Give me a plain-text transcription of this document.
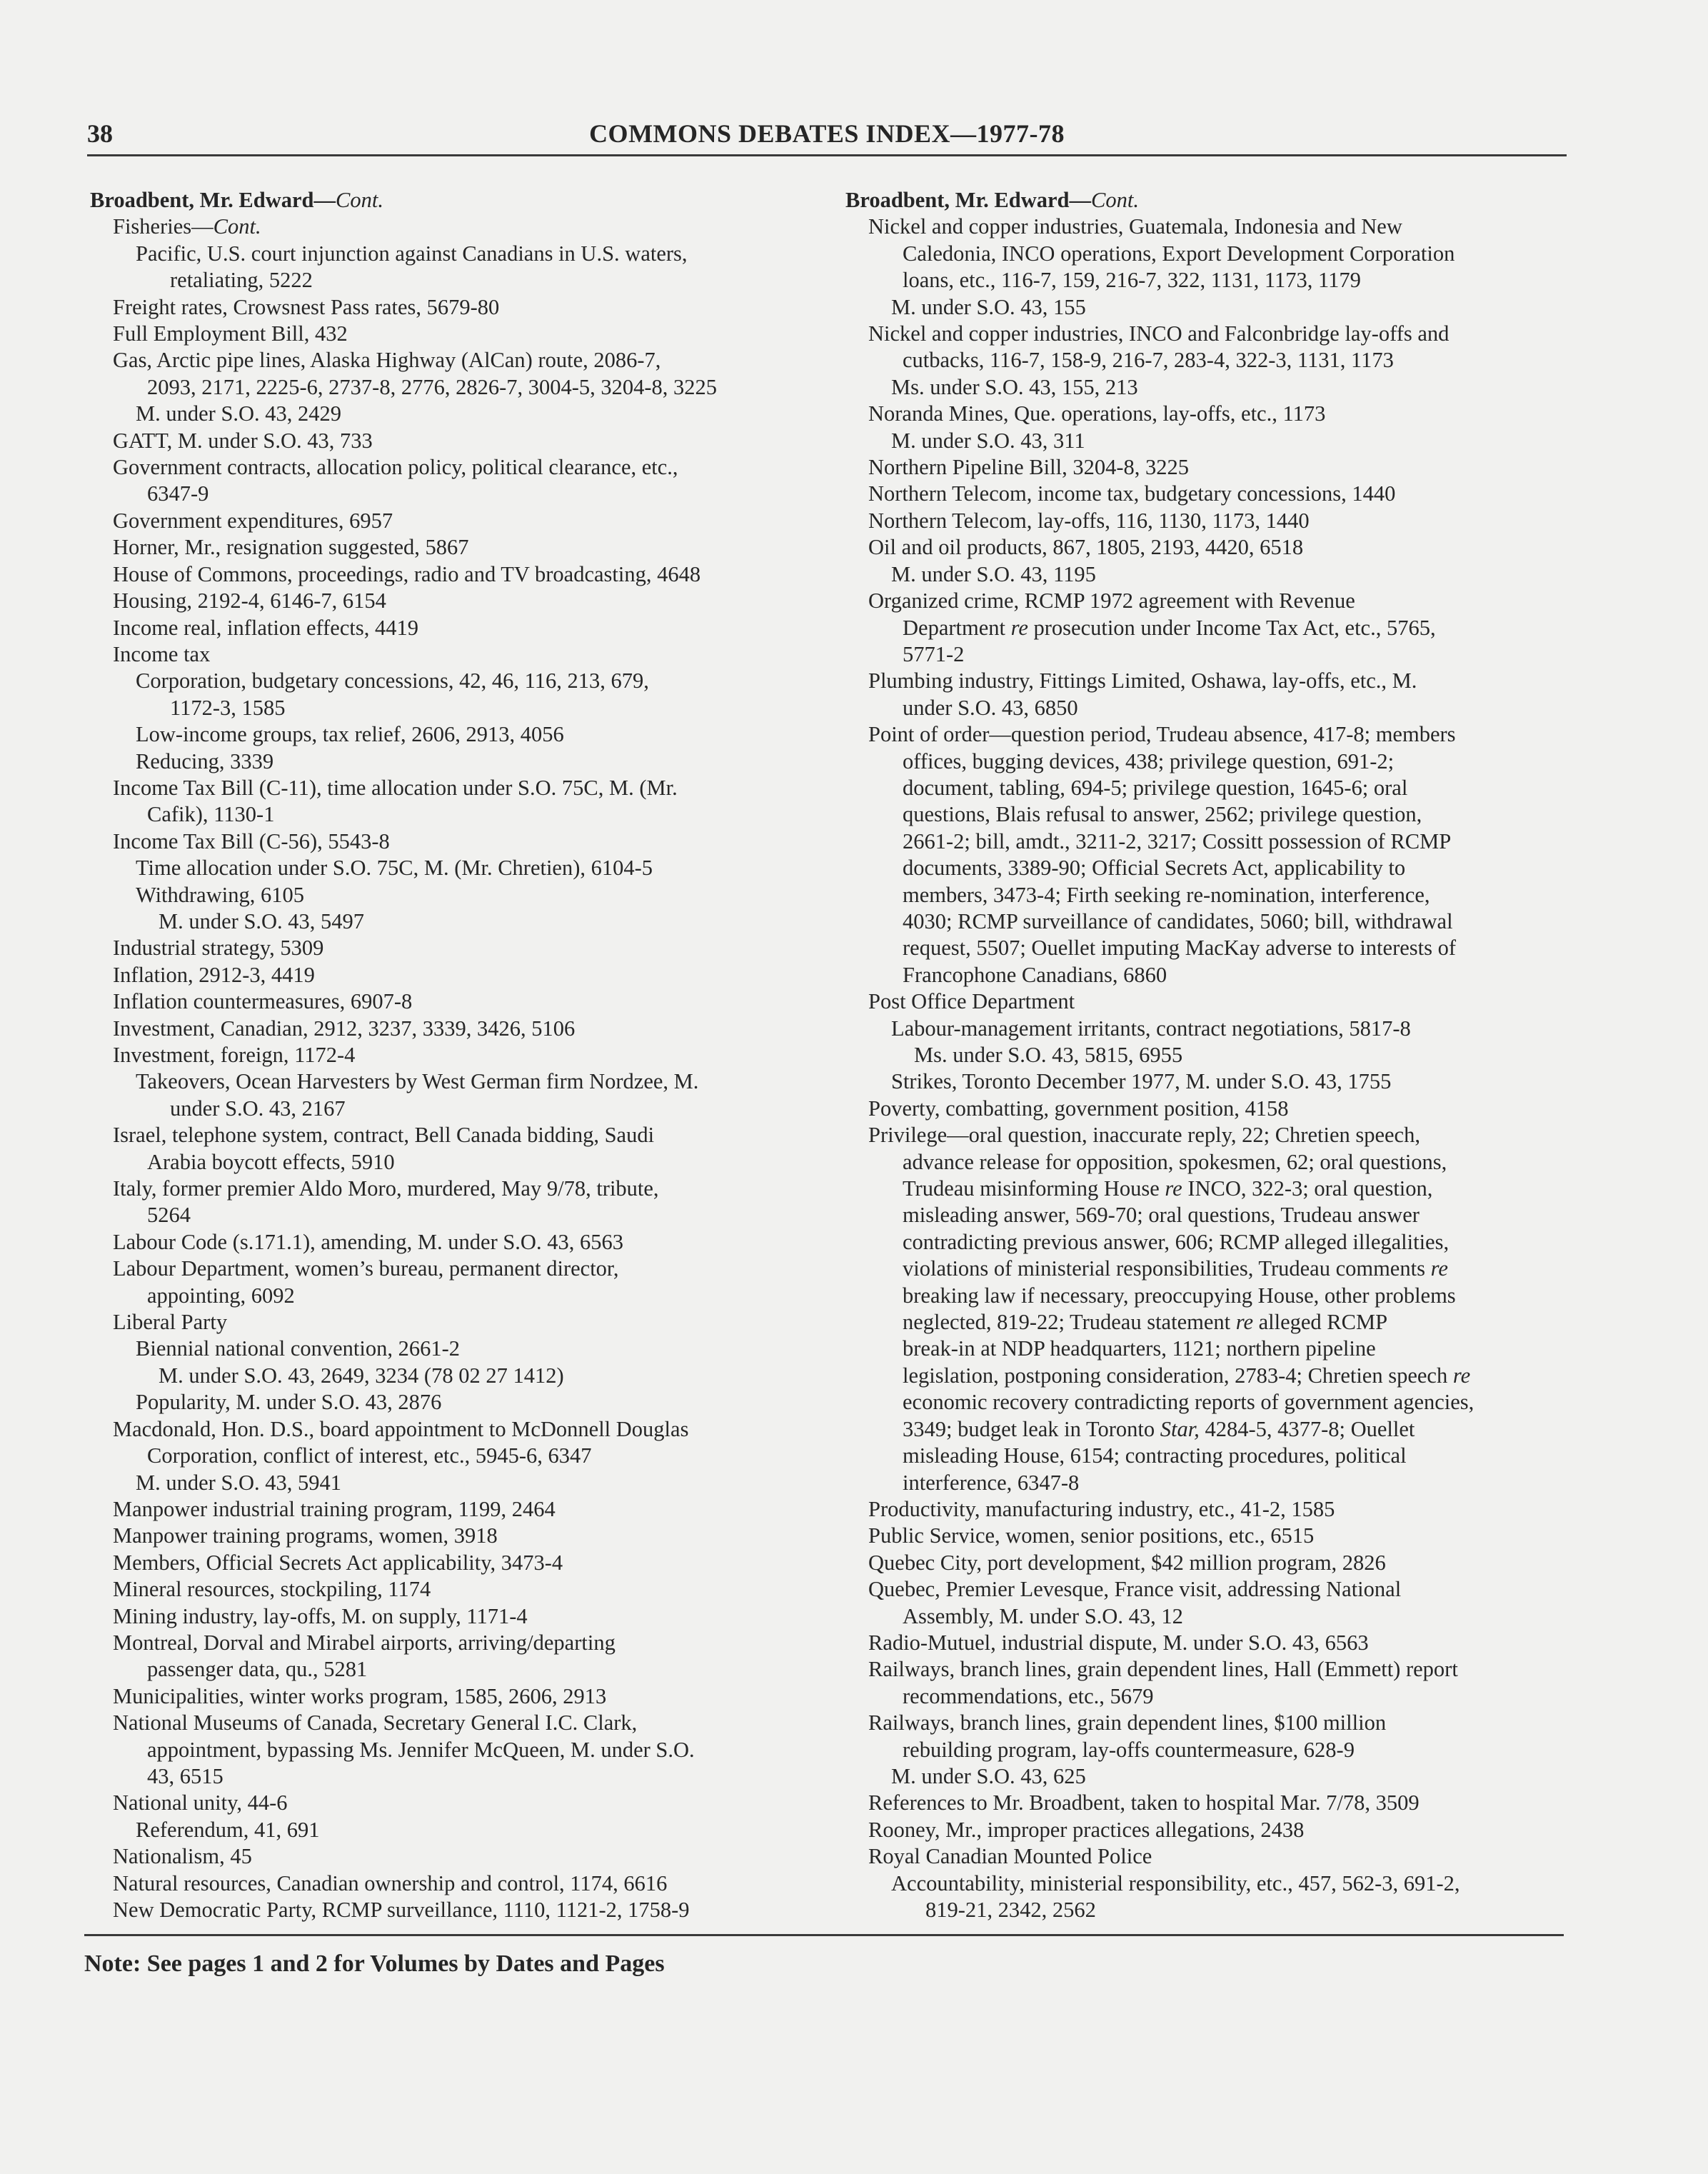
38	COMMONS DEBATES INDEX—1977-78
Broadbent, Mr. Edward—Cont.
Fisheries—Cont.
Pacific, U.S. court injunction against Canadians in U.S. waters,
retaliating, 5222
Freight rates, Crowsnest Pass rates, 5679-80
Full Employment Bill, 432
Gas, Arctic pipe lines, Alaska Highway (AlCan) route, 2086-7,
2093, 2171, 2225-6, 2737-8, 2776, 2826-7, 3004-5, 3204-8, 3225
M. under S.O. 43, 2429
GATT, M. under S.O. 43, 733
Government contracts, allocation policy, political clearance, etc.,
6347-9
Government expenditures, 6957
Horner, Mr., resignation suggested, 5867
House of Commons, proceedings, radio and TV broadcasting, 4648
Housing, 2192-4, 6146-7, 6154
Income real, inflation effects, 4419
Income tax
Corporation, budgetary concessions, 42, 46, 116, 213, 679,
1172-3, 1585
Low-income groups, tax relief, 2606, 2913, 4056
Reducing, 3339
Income Tax Bill (C-11), time allocation under S.O. 75C, M. (Mr.
Cafik), 1130-1
Income Tax Bill (C-56), 5543-8
Time allocation under S.O. 75C, M. (Mr. Chretien), 6104-5
Withdrawing, 6105
M. under S.O. 43, 5497
Industrial strategy, 5309
Inflation, 2912-3, 4419
Inflation countermeasures, 6907-8
Investment, Canadian, 2912, 3237, 3339, 3426, 5106
Investment, foreign, 1172-4
Takeovers, Ocean Harvesters by West German firm Nordzee, M.
under S.O. 43, 2167
Israel, telephone system, contract, Bell Canada bidding, Saudi
Arabia boycott effects, 5910
Italy, former premier Aldo Moro, murdered, May 9/78, tribute,
5264
Labour Code (s.171.1), amending, M. under S.O. 43, 6563
Labour Department, women’s bureau, permanent director,
appointing, 6092
Liberal Party
Biennial national convention, 2661-2
M. under S.O. 43, 2649, 3234 (78 02 27 1412)
Popularity, M. under S.O. 43, 2876
Macdonald, Hon. D.S., board appointment to McDonnell Douglas
Corporation, conflict of interest, etc., 5945-6, 6347
M. under S.O. 43, 5941
Manpower industrial training program, 1199, 2464
Manpower training programs, women, 3918
Members, Official Secrets Act applicability, 3473-4
Mineral resources, stockpiling, 1174
Mining industry, lay-offs, M. on supply, 1171-4
Montreal, Dorval and Mirabel airports, arriving/departing
passenger data, qu., 5281
Municipalities, winter works program, 1585, 2606, 2913
National Museums of Canada, Secretary General I.C. Clark,
appointment, bypassing Ms. Jennifer McQueen, M. under S.O.
43, 6515
National unity, 44-6
Referendum, 41, 691
Nationalism, 45
Natural resources, Canadian ownership and control, 1174, 6616
New Democratic Party, RCMP surveillance, 1110, 1121-2, 1758-9
Broadbent, Mr. Edward—Cont.
Nickel and copper industries, Guatemala, Indonesia and New
Caledonia, INCO operations, Export Development Corporation
loans, etc., 116-7, 159, 216-7, 322, 1131, 1173, 1179
M. under S.O. 43, 155
Nickel and copper industries, INCO and Falconbridge lay-offs and
cutbacks, 116-7, 158-9, 216-7, 283-4, 322-3, 1131, 1173
Ms. under S.O. 43, 155, 213
Noranda Mines, Que. operations, lay-offs, etc., 1173
M. under S.O. 43, 311
Northern Pipeline Bill, 3204-8, 3225
Northern Telecom, income tax, budgetary concessions, 1440
Northern Telecom, lay-offs, 116, 1130, 1173, 1440
Oil and oil products, 867, 1805, 2193, 4420, 6518
M. under S.O. 43, 1195
Organized crime, RCMP 1972 agreement with Revenue
Department re prosecution under Income Tax Act, etc., 5765,
5771-2
Plumbing industry, Fittings Limited, Oshawa, lay-offs, etc., M.
under S.O. 43, 6850
Point of order—question period, Trudeau absence, 417-8; members
offices, bugging devices, 438; privilege question, 691-2;
document, tabling, 694-5; privilege question, 1645-6; oral
questions, Blais refusal to answer, 2562; privilege question,
2661-2; bill, amdt., 3211-2, 3217; Cossitt possession of RCMP
documents, 3389-90; Official Secrets Act, applicability to
members, 3473-4; Firth seeking re-nomination, interference,
4030; RCMP surveillance of candidates, 5060; bill, withdrawal
request, 5507; Ouellet imputing MacKay adverse to interests of
Francophone Canadians, 6860
Post Office Department
Labour-management irritants, contract negotiations, 5817-8
Ms. under S.O. 43, 5815, 6955
Strikes, Toronto December 1977, M. under S.O. 43, 1755
Poverty, combatting, government position, 4158
Privilege—oral question, inaccurate reply, 22; Chretien speech,
advance release for opposition, spokesmen, 62; oral questions,
Trudeau misinforming House re INCO, 322-3; oral question,
misleading answer, 569-70; oral questions, Trudeau answer
contradicting previous answer, 606; RCMP alleged illegalities,
violations of ministerial responsibilities, Trudeau comments re
breaking law if necessary, preoccupying House, other problems
neglected, 819-22; Trudeau statement re alleged RCMP
break-in at NDP headquarters, 1121; northern pipeline
legislation, postponing consideration, 2783-4; Chretien speech re
economic recovery contradicting reports of government agencies,
3349; budget leak in Toronto Star, 4284-5, 4377-8; Ouellet
misleading House, 6154; contracting procedures, political
interference, 6347-8
Productivity, manufacturing industry, etc., 41-2, 1585
Public Service, women, senior positions, etc., 6515
Quebec City, port development, $42 million program, 2826
Quebec, Premier Levesque, France visit, addressing National
Assembly, M. under S.O. 43, 12
Radio-Mutuel, industrial dispute, M. under S.O. 43, 6563
Railways, branch lines, grain dependent lines, Hall (Emmett) report
recommendations, etc., 5679
Railways, branch lines, grain dependent lines, $100 million
rebuilding program, lay-offs countermeasure, 628-9
M. under S.O. 43, 625
References to Mr. Broadbent, taken to hospital Mar. 7/78, 3509
Rooney, Mr., improper practices allegations, 2438
Royal Canadian Mounted Police
Accountability, ministerial responsibility, etc., 457, 562-3, 691-2,
819-21, 2342, 2562
Note: See pages 1 and 2 for Volumes by Dates and Pages
